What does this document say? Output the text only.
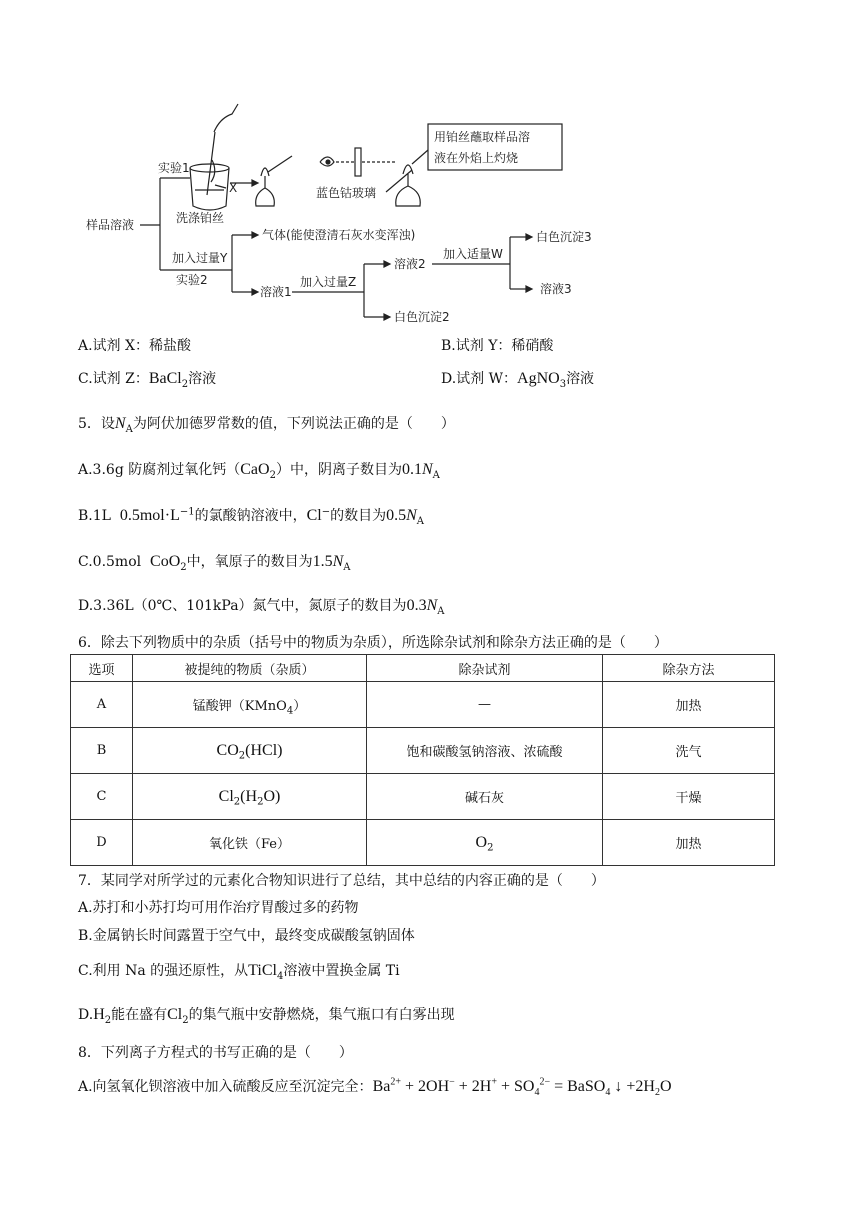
样品溶液
实验1
X
洗涤铂丝
蓝色钴玻璃
用铂丝蘸取样品溶
液在外焰上灼烧
加入过量Y
气体(能使澄清石灰水变浑浊)
实验2
溶液1
加入过量Z
溶液2
加入适量W
白色沉淀3
溶液3
白色沉淀2
A.试剂 X：稀盐酸	B.试剂 Y：稀硝酸
C.试剂 Z：BaCl$_2$溶液	D.试剂 W：AgNO$_3$溶液
5．设$N_A$为阿伏加德罗常数的值，下列说法正确的是（　　）
A.3.6g 防腐剂过氧化钙（CaO$_2$）中，阴离子数目为$0.1N_A$
B.1L $0.5mol\cdot L^{-1}$的氯酸钠溶液中，Cl−的数目为$0.5N_A$
C.0.5mol CoO$_2$中，氧原子的数目为$1.5N_A$
D.3.36L（0℃、101kPa）氮气中，氮原子的数目为$0.3N_A$
6．除去下列物质中的杂质（括号中的物质为杂质），所选除杂试剂和除杂方法正确的是（　　）
选项	被提纯的物质（杂质）	除杂试剂	除杂方法
A	锰酸钾（KMnO$_4$）	—	加热
B	$CO_2(HCl)$	饱和碳酸氢钠溶液、浓硫酸	洗气
C	$Cl_2(H_2O)$	碱石灰	干燥
D	氧化铁（Fe）	$O_2$	加热
7．某同学对所学过的元素化合物知识进行了总结，其中总结的内容正确的是（　　）
A.苏打和小苏打均可用作治疗胃酸过多的药物
B.金属钠长时间露置于空气中，最终变成碳酸氢钠固体
C.利用 Na 的强还原性，从TiCl$_4$溶液中置换金属 Ti
$D.H_2$能在盛有$Cl_2$的集气瓶中安静燃烧，集气瓶口有白雾出现
8．下列离子方程式的书写正确的是（　　）
A.向氢氧化钡溶液中加入硫酸反应至沉淀完全：$Ba^{2+} + 2OH^- + 2H^+ + SO_4^{2-}$ = BaSO$_4$ ↓ $+2H_2O$
